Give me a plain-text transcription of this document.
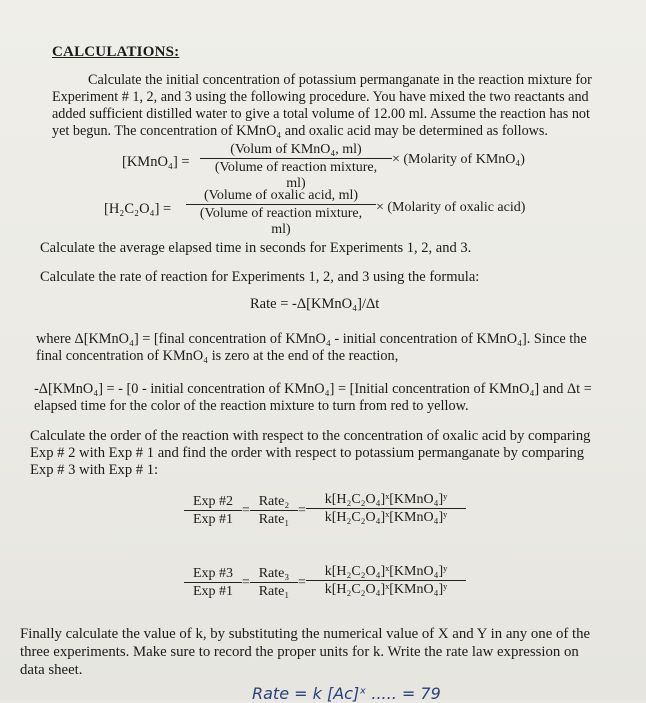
CALCULATIONS:
Calculate the initial concentration of potassium permanganate in the reaction mixture for
Experiment # 1, 2, and 3 using the following procedure. You have mixed the two reactants and
added sufficient distilled water to give a total volume of 12.00 ml. Assume the reaction has not
yet begun. The concentration of KMnO₄ and oxalic acid may be determined as follows.
[KMnO₄] =
(Volum of KMnO₄, ml)
(Volume of reaction mixture, ml)
× (Molarity of KMnO₄)
[H₂C₂O₄] =
(Volume of oxalic acid, ml)
(Volume of reaction mixture, ml)
× (Molarity of oxalic acid)
Calculate the average elapsed time in seconds for Experiments 1, 2, and 3.
Calculate the rate of reaction for Experiments 1, 2, and 3 using the formula:
Rate = -Δ[KMnO₄]/Δt
where Δ[KMnO₄] = [final concentration of KMnO₄ - initial concentration of KMnO₄]. Since the
final concentration of KMnO₄ is zero at the end of the reaction,
-Δ[KMnO₄] = - [0 - initial concentration of KMnO₄] = [Initial concentration of KMnO₄] and Δt =
elapsed time for the color of the reaction mixture to turn from red to yellow.
Calculate the order of the reaction with respect to the concentration of oxalic acid by comparing
Exp # 2 with Exp # 1 and find the order with respect to potassium permanganate by comparing
Exp # 3 with Exp # 1:
Exp #2
Exp #1
=
Rate₂
Rate₁
=
k[H₂C₂O₄]ˣ[KMnO₄]ʸ
k[H₂C₂O₄]ˣ[KMnO₄]ʸ
Exp #3
Exp #1
=
Rate₃
Rate₁
=
k[H₂C₂O₄]ˣ[KMnO₄]ʸ
k[H₂C₂O₄]ˣ[KMnO₄]ʸ
Finally calculate the value of k, by substituting the numerical value of X and Y in any one of the
three experiments. Make sure to record the proper units for k. Write the rate law expression on
data sheet.
Rate = k [Ac]ˣ ..... = 79
